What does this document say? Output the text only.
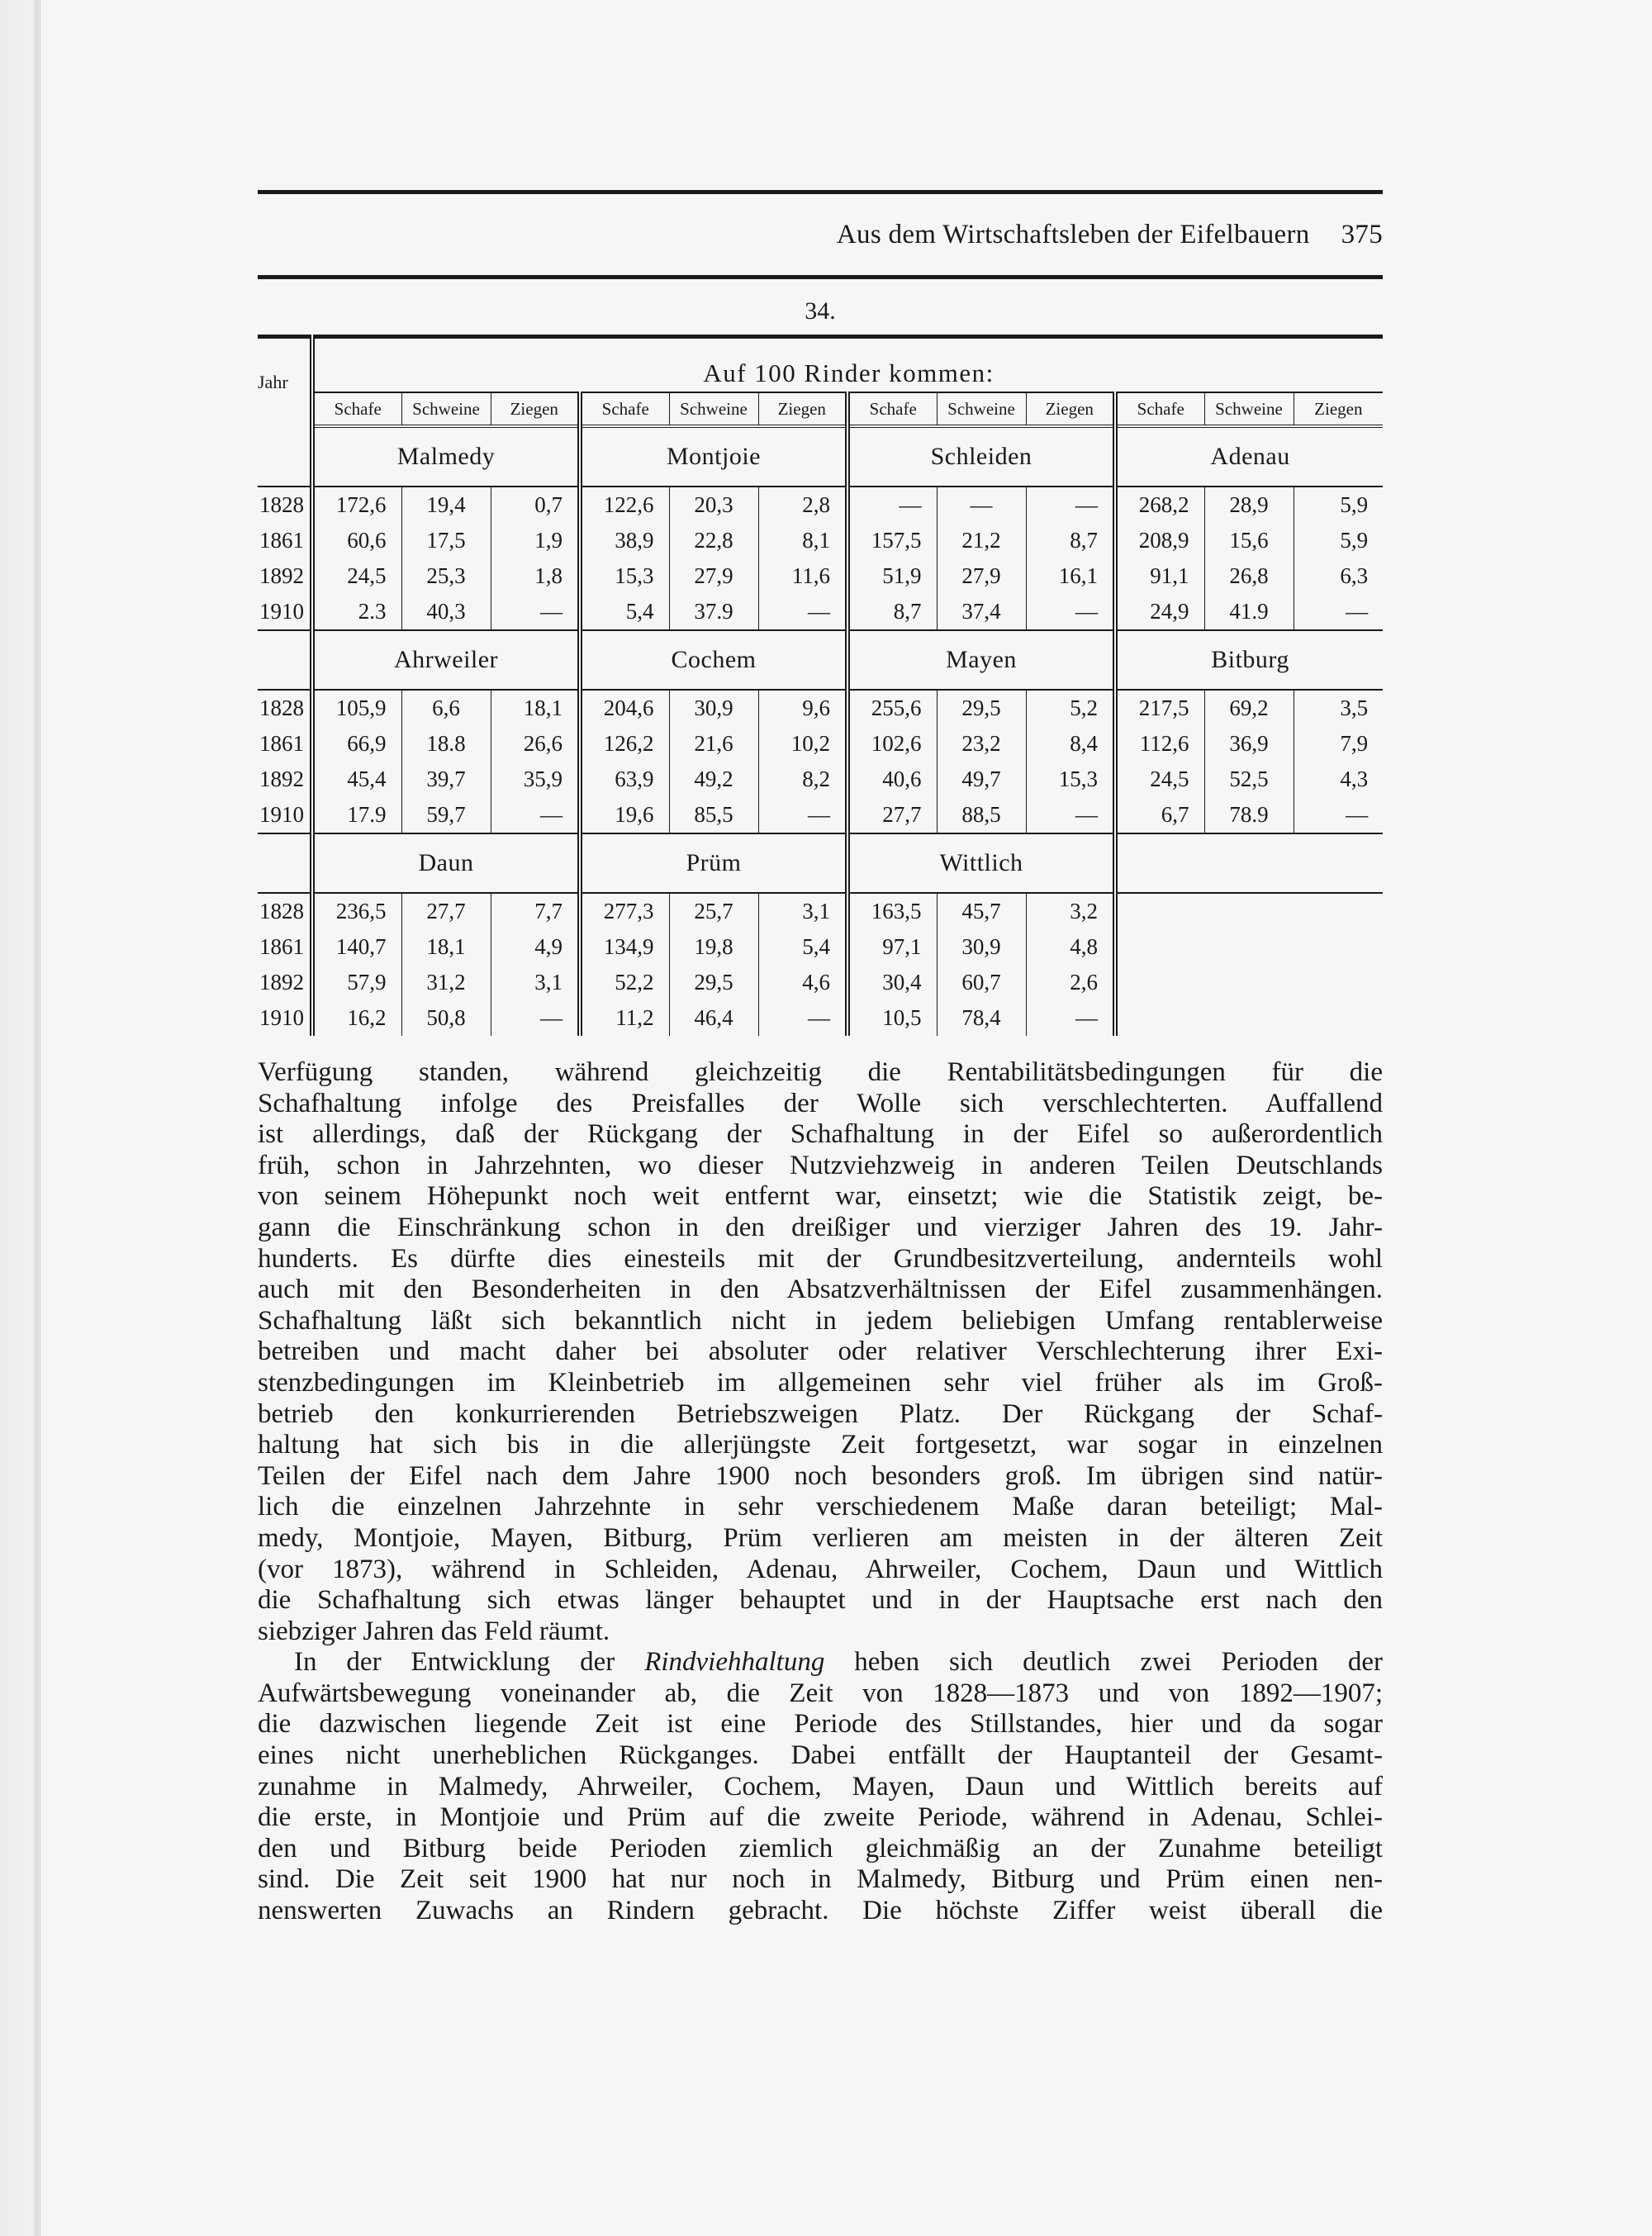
Aus dem Wirtschaftsleben der Eifelbauern 375
34.
Jahr	Auf 100 Rinder kommen:											
	Schafe	Schweine	Ziegen	Schafe	Schweine	Ziegen	Schafe	Schweine	Ziegen	Schafe	Schweine	Ziegen
	Malmedy			Montjoie			Schleiden			Adenau		
1828	172,6	19,4	0,7	122,6	20,3	2,8	—	—	—	268,2	28,9	5,9
1861	60,6	17,5	1,9	38,9	22,8	8,1	157,5	21,2	8,7	208,9	15,6	5,9
1892	24,5	25,3	1,8	15,3	27,9	11,6	51,9	27,9	16,1	91,1	26,8	6,3
1910	2.3	40,3	—	5,4	37.9	—	8,7	37,4	—	24,9	41.9	—
	Ahrweiler			Cochem			Mayen			Bitburg		
1828	105,9	6,6	18,1	204,6	30,9	9,6	255,6	29,5	5,2	217,5	69,2	3,5
1861	66,9	18.8	26,6	126,2	21,6	10,2	102,6	23,2	8,4	112,6	36,9	7,9
1892	45,4	39,7	35,9	63,9	49,2	8,2	40,6	49,7	15,3	24,5	52,5	4,3
1910	17.9	59,7	—	19,6	85,5	—	27,7	88,5	—	6,7	78.9	—
	Daun			Prüm			Wittlich					
1828	236,5	27,7	7,7	277,3	25,7	3,1	163,5	45,7	3,2			
1861	140,7	18,1	4,9	134,9	19,8	5,4	97,1	30,9	4,8			
1892	57,9	31,2	3,1	52,2	29,5	4,6	30,4	60,7	2,6			
1910	16,2	50,8	—	11,2	46,4	—	10,5	78,4	—			

Verfügung standen, während gleichzeitig die Rentabilitätsbedingungen für die
Schafhaltung infolge des Preisfalles der Wolle sich verschlechterten. Auffallend
ist allerdings, daß der Rückgang der Schafhaltung in der Eifel so außerordentlich
früh, schon in Jahrzehnten, wo dieser Nutzviehzweig in anderen Teilen Deutschlands
von seinem Höhepunkt noch weit entfernt war, einsetzt; wie die Statistik zeigt, be-
gann die Einschränkung schon in den dreißiger und vierziger Jahren des 19. Jahr-
hunderts. Es dürfte dies einesteils mit der Grundbesitzverteilung, andernteils wohl
auch mit den Besonderheiten in den Absatzverhältnissen der Eifel zusammenhängen.
Schafhaltung läßt sich bekanntlich nicht in jedem beliebigen Umfang rentablerweise
betreiben und macht daher bei absoluter oder relativer Verschlechterung ihrer Exi-
stenzbedingungen im Kleinbetrieb im allgemeinen sehr viel früher als im Groß-
betrieb den konkurrierenden Betriebszweigen Platz. Der Rückgang der Schaf-
haltung hat sich bis in die allerjüngste Zeit fortgesetzt, war sogar in einzelnen
Teilen der Eifel nach dem Jahre 1900 noch besonders groß. Im übrigen sind natür-
lich die einzelnen Jahrzehnte in sehr verschiedenem Maße daran beteiligt; Mal-
medy, Montjoie, Mayen, Bitburg, Prüm verlieren am meisten in der älteren Zeit
(vor 1873), während in Schleiden, Adenau, Ahrweiler, Cochem, Daun und Wittlich
die Schafhaltung sich etwas länger behauptet und in der Hauptsache erst nach den
siebziger Jahren das Feld räumt.

In der Entwicklung der Rindviehhaltung heben sich deutlich zwei Perioden der
Aufwärtsbewegung voneinander ab, die Zeit von 1828—1873 und von 1892—1907;
die dazwischen liegende Zeit ist eine Periode des Stillstandes, hier und da sogar
eines nicht unerheblichen Rückganges. Dabei entfällt der Hauptanteil der Gesamt-
zunahme in Malmedy, Ahrweiler, Cochem, Mayen, Daun und Wittlich bereits auf
die erste, in Montjoie und Prüm auf die zweite Periode, während in Adenau, Schlei-
den und Bitburg beide Perioden ziemlich gleichmäßig an der Zunahme beteiligt
sind. Die Zeit seit 1900 hat nur noch in Malmedy, Bitburg und Prüm einen nen-
nenswerten Zuwachs an Rindern gebracht. Die höchste Ziffer weist überall die
